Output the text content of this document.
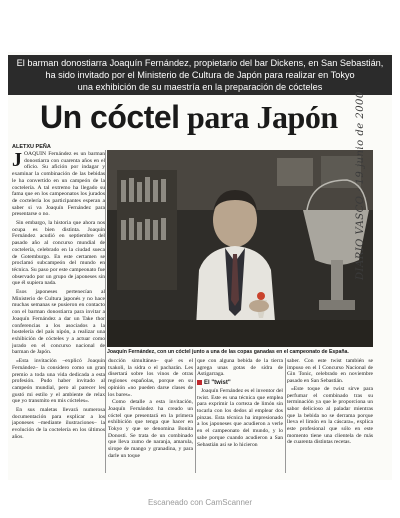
El barman donostiarra Joaquín Fernández, propietario del bar Dickens, en San Sebastián,
ha sido invitado por el Ministerio de Cultura de Japón para realizar en Tokyo
una exhibición de su maestría en la preparación de cócteles
Un cóctel para Japón
ALETXU PEÑA
J OAQUÍN Fernández es un barman donostiarra con cuarenta años en el oficio. Su afición por indagar y examinar la combinación de las bebidas le ha convertido en un campeón de la coctelería. A tal extremo ha llegado su fama que en los campeonatos los jurados de coctelería los participantes esperan a saber si va Joaquín Fernández para presentarse o no.

Sin embargo, la historia que ahora nos ocupa es bien distinta. Joaquín Fernández acudió en septiembre del pasado año al concurso mundial de coctelería, celebrado en la ciudad sueca de Gotemburgo. En este certamen se proclamó subcampeón del mundo en técnica. Su paso por este campeonato fue observado por un grupo de japoneses sin que él supiera nada.

Esos japoneses pertenecían al Ministerio de Cultura japonés y no hace muchas semanas se pusieron en contacto con el barman donostiarra para invitar a Joaquín Fernández a dar un Take thor conferencias a los asociados a la hostelería del país nipón, a realizar una exhibición de cócteles y a actuar como jurado en el concurso nacional de barman de Japón.

«Esta invitación –explicó Joaquín Fernández– la considero como un gran premio a toda una vida dedicada a esta profesión. Pudo haber invitado al campeón mundial, pero al parecer les gustó mi estilo y el ambiente de relax que yo transmito en mis cócteles».

En sus maletas llevará numerosa documentación para explicar a los japoneses –mediante ilustraciones– la evolución de la coctelería en los últimos años.

DIARIO VASCO · 19 junio de 2000
Joaquín Fernández, con un cóctel junto a una de las copas ganadas en el campeonato de España.

ducción simultánea– qué es el txakoli, la sidra o el pacharán. Les disertará sobre los vinos de otras regiones españolas, porque en su opinión «no pueden darse clases de los bares».

Como detalle a esta invitación, Joaquín Fernández ha creado un cóctel que presentará en la primera exhibición que tenga que hacer en Tokyo y que se denomina Bonita Donosti. Se trata de un combinado que lleva zumo de naranja, amarula, sirope de mango y granadina, y para darle un toque

que con alguna bebida de la tierra agrega unas gotas de sidra de Astigarraga.

El "twist"

Joaquín Fernández es el inventor del twist. Este es una técnica que emplea para exprimir la corteza de limón sin tocarla con los dedos al emplear dos pinzas. Esta técnica ha impresionado a los japoneses que acudieron a verle en el campeonato del mundo, y lo sabe porque cuando acudieron a San Sebastián así se lo hicieron

saber. Con este twist también se impuso en el I Concurso Nacional de Gin Tonic, celebrado en noviembre pasado en San Sebastián.

«Este toque de twist sirve para perfumar el combinado tras su terminación ya que le proporciona un sabor delicioso al paladar mientras que la bebida no se derrama porque lleva el limón en la cáscara», explica este profesional que sólo en este momento tiene una clientela de más de cuarenta distintas recetas.

Escaneado con CamScanner
